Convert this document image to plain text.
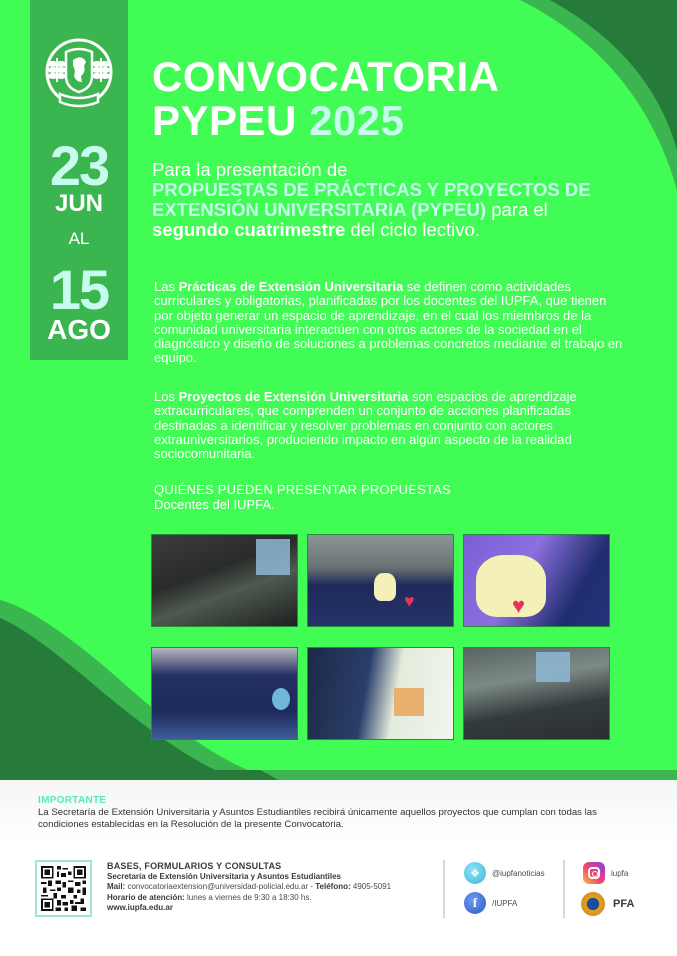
23
JUN
AL
15
AGO
CONVOCATORIA
PYPEU 2025
Para la presentación de
PROPUESTAS DE PRÁCTICAS Y PROYECTOS DE EXTENSIÓN UNIVERSITARIA (PYPEU) para el segundo cuatrimestre del ciclo lectivo.
Las Prácticas de Extensión Universitaria se definen como actividades curriculares y obligatorias, planificadas por los docentes del IUPFA, que tienen por objeto generar un espacio de aprendizaje, en el cual los miembros de la comunidad universitaria interactúen con otros actores de la sociedad en el diagnóstico y diseño de soluciones a problemas concretos mediante el trabajo en equipo.
Los Proyectos de Extensión Universitaria son espacios de aprendizaje extracurriculares, que comprenden un conjunto de acciones planificadas destinadas a identificar y resolver problemas en conjunto con actores extrauniversitarios, produciendo impacto en algún aspecto de la realidad sociocomunitaria.
QUIÉNES PUEDEN PRESENTAR PROPUESTAS
Docentes del IUPFA.
♥	♥
IMPORTANTE
La Secretaría de Extensión Universitaria y Asuntos Estudiantiles recibirá únicamente aquellos proyectos que cumplan con todas las condiciones establecidas en la Resolución de la presente Convocatoria.
BASES, FORMULARIOS Y CONSULTAS
Secretaría de Extensión Universitaria y Asuntos Estudiantiles
Mail: convocatoriaextension@universidad-policial.edu.ar - Teléfono: 4905-5091
Horario de atención: lunes a viernes de 9:30 a 18:30 hs.
www.iupfa.edu.ar
❖	@iupfanoticias
f	/IUPFA
iupfa
PFA
